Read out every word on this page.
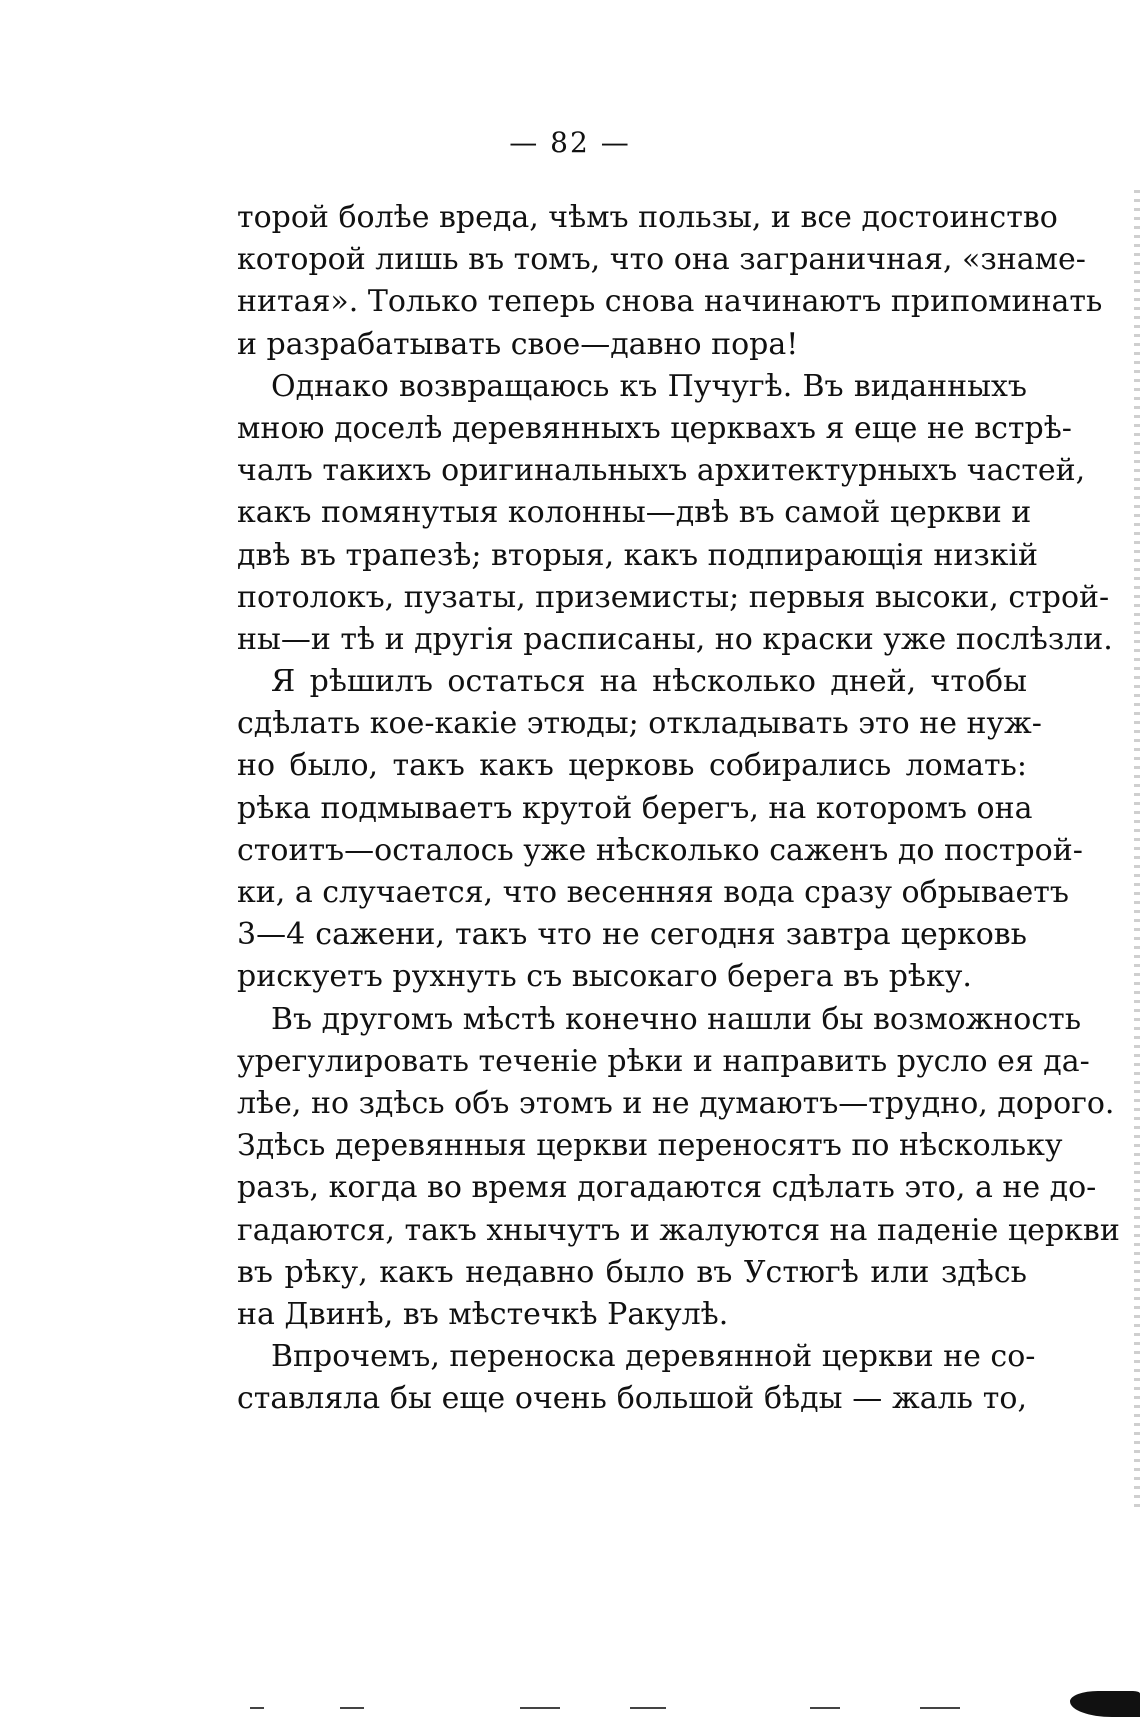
— 82 —
торой болѣе вреда, чѣмъ пользы, и все достоинство
которой лишь въ томъ, что она заграничная, «знаме-
нитая». Только теперь снова начинаютъ припоминать
и разрабатывать свое—давно пора!
Однако возвращаюсь къ Пучугѣ. Въ виданныхъ
мною доселѣ деревянныхъ церквахъ я еще не встрѣ-
чалъ такихъ оригинальныхъ архитектурныхъ частей,
какъ помянутыя колонны—двѣ въ самой церкви и
двѣ въ трапезѣ; вторыя, какъ подпирающія низкій
потолокъ, пузаты, приземисты; первыя высоки, строй-
ны—и тѣ и другія расписаны, но краски уже послѣзли.
Я рѣшилъ остаться на нѣсколько дней, чтобы
сдѣлать кое-какіе этюды; откладывать это не нуж-
но было, такъ какъ церковь собирались ломать:
рѣка подмываетъ крутой берегъ, на которомъ она
стоитъ—осталось уже нѣсколько саженъ до построй-
ки, а случается, что весенняя вода сразу обрываетъ
3—4 сажени, такъ что не сегодня завтра церковь
рискуетъ рухнуть съ высокаго берега въ рѣку.
Въ другомъ мѣстѣ конечно нашли бы возможность
урегулировать теченіе рѣки и направить русло ея да-
лѣе, но здѣсь объ этомъ и не думаютъ—трудно, дорого.
Здѣсь деревянныя церкви переносятъ по нѣскольку
разъ, когда во время догадаются сдѣлать это, а не до-
гадаются, такъ хнычутъ и жалуются на паденіе церкви
въ рѣку, какъ недавно было въ Устюгѣ или здѣсь
на Двинѣ, въ мѣстечкѣ Ракулѣ.
Впрочемъ, переноска деревянной церкви не со-
ставляла бы еще очень большой бѣды — жаль то,
